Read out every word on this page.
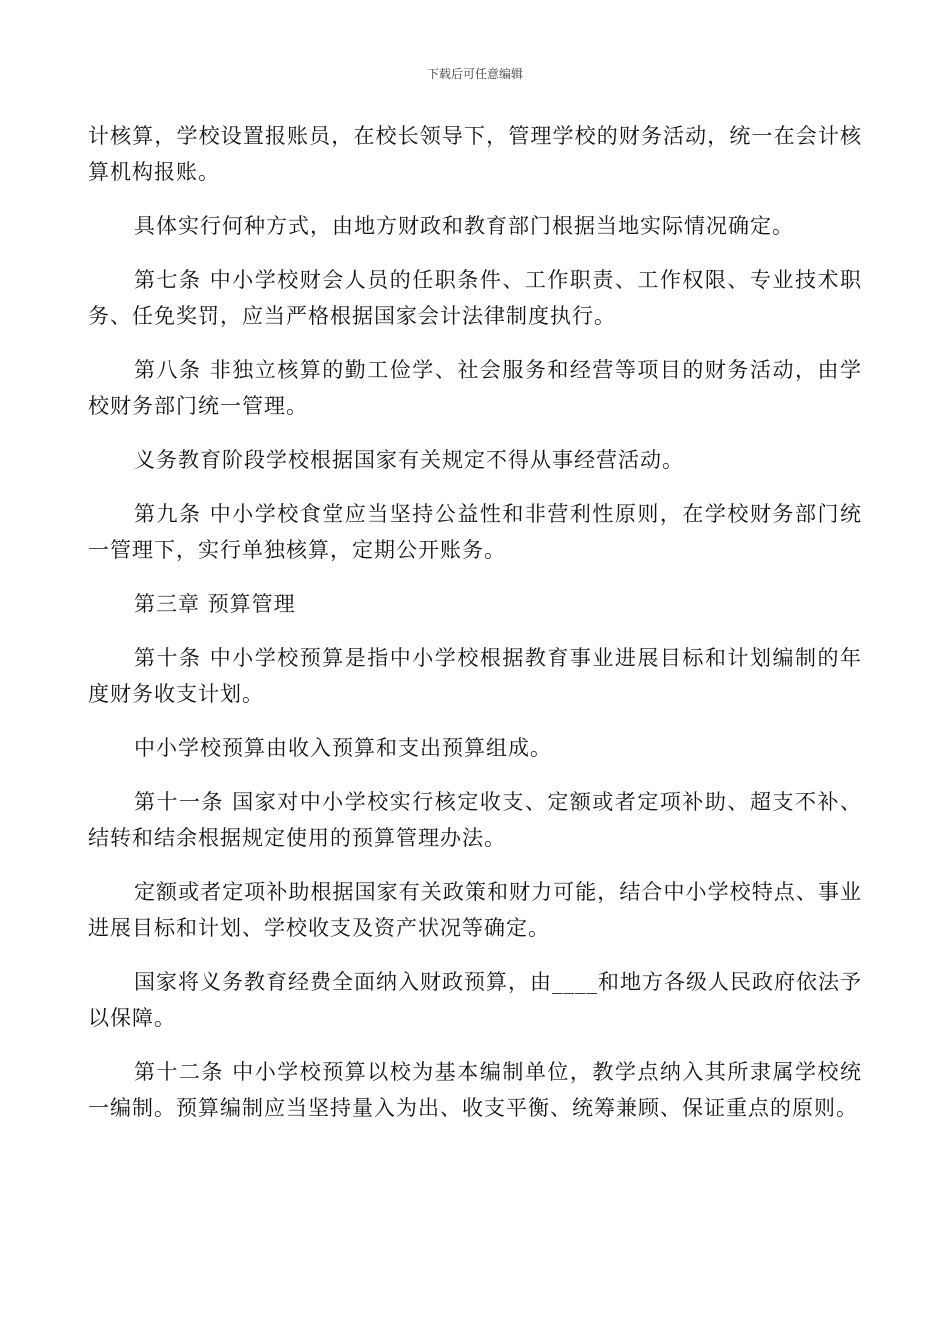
下载后可任意编辑

计核算，学校设置报账员，在校长领导下，管理学校的财务活动，统一在会计核算机构报账。

具体实行何种方式，由地方财政和教育部门根据当地实际情况确定。

第七条 中小学校财会人员的任职条件、工作职责、工作权限、专业技术职务、任免奖罚，应当严格根据国家会计法律制度执行。

第八条 非独立核算的勤工俭学、社会服务和经营等项目的财务活动，由学校财务部门统一管理。

义务教育阶段学校根据国家有关规定不得从事经营活动。

第九条 中小学校食堂应当坚持公益性和非营利性原则，在学校财务部门统一管理下，实行单独核算，定期公开账务。

第三章 预算管理

第十条 中小学校预算是指中小学校根据教育事业进展目标和计划编制的年度财务收支计划。

中小学校预算由收入预算和支出预算组成。

第十一条 国家对中小学校实行核定收支、定额或者定项补助、超支不补、结转和结余根据规定使用的预算管理办法。

定额或者定项补助根据国家有关政策和财力可能，结合中小学校特点、事业进展目标和计划、学校收支及资产状况等确定。

国家将义务教育经费全面纳入财政预算，由____和地方各级人民政府依法予以保障。

第十二条 中小学校预算以校为基本编制单位，教学点纳入其所隶属学校统一编制。预算编制应当坚持量入为出、收支平衡、统筹兼顾、保证重点的原则。
